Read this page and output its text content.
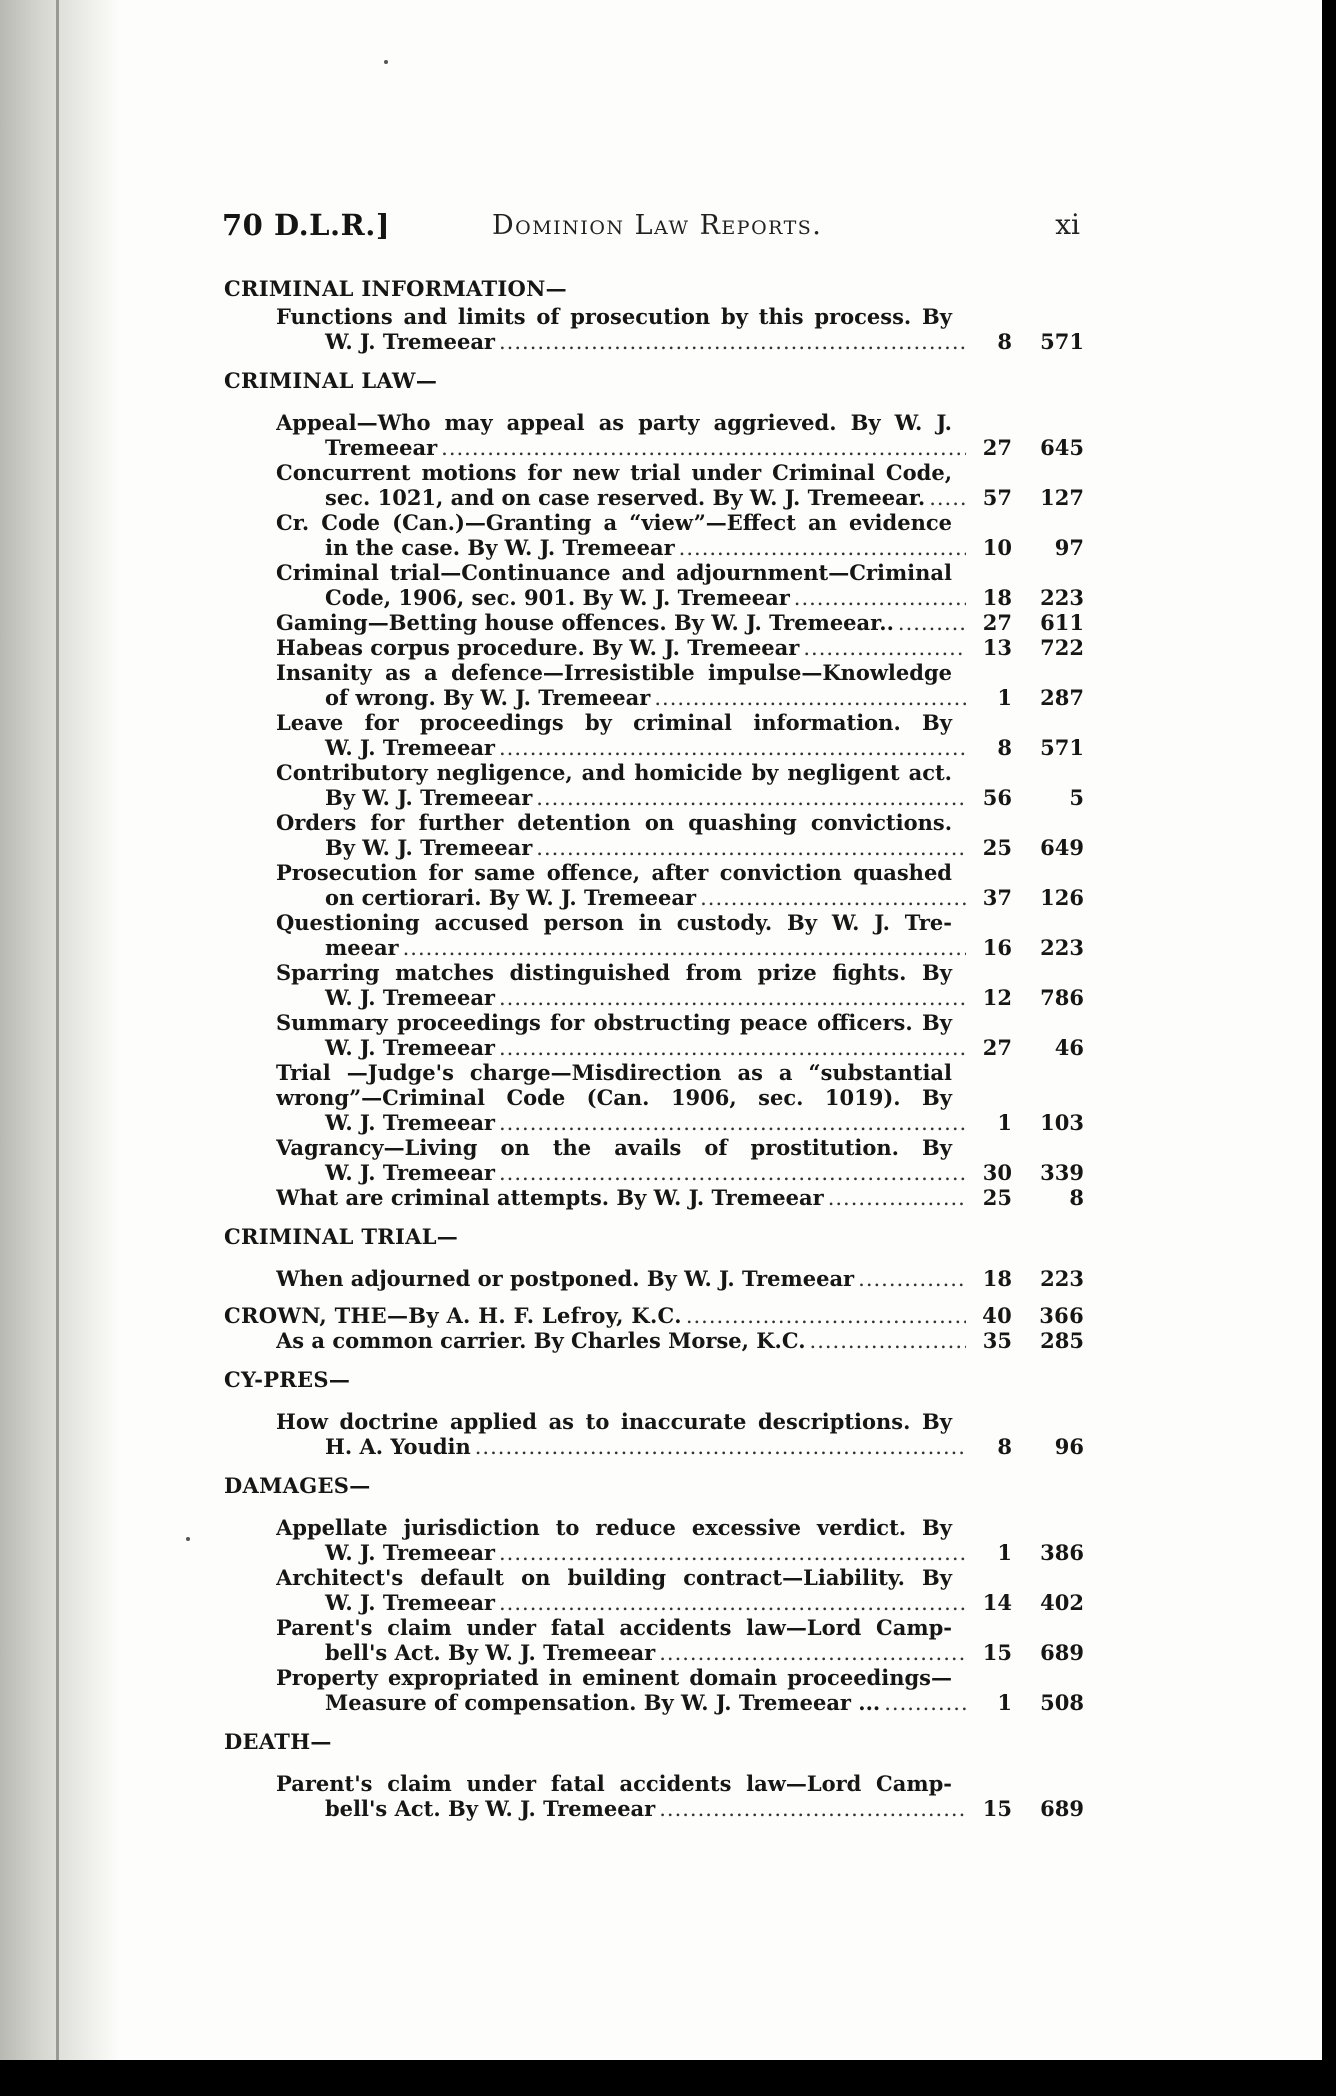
70 D.L.R.]	Dominion Law Reports.	xi
CRIMINAL INFORMATION—
Functions and limits of prosecution by this process. By
W. J. Tremeear .....	8	571
CRIMINAL LAW—
Appeal—Who may appeal as party aggrieved. By W. J.
Tremeear .....	27	645
Concurrent motions for new trial under Criminal Code,
sec. 1021, and on case reserved. By W. J. Tremeear. .....	57	127
Cr. Code (Can.)—Granting a “view”—Effect an evidence
in the case. By W. J. Tremeear .....	10	97
Criminal trial—Continuance and adjournment—Criminal
Code, 1906, sec. 901. By W. J. Tremeear .....	18	223
Gaming—Betting house offences. By W. J. Tremeear.. .....	27	611
Habeas corpus procedure. By W. J. Tremeear .....	13	722
Insanity as a defence—Irresistible impulse—Knowledge
of wrong. By W. J. Tremeear .....	1	287
Leave for proceedings by criminal information. By
W. J. Tremeear .....	8	571
Contributory negligence, and homicide by negligent act.
By W. J. Tremeear .....	56	5
Orders for further detention on quashing convictions.
By W. J. Tremeear .....	25	649
Prosecution for same offence, after conviction quashed
on certiorari. By W. J. Tremeear .....	37	126
Questioning accused person in custody. By W. J. Tre-
meear .....	16	223
Sparring matches distinguished from prize fights. By
W. J. Tremeear .....	12	786
Summary proceedings for obstructing peace officers. By
W. J. Tremeear .....	27	46
Trial —Judge's charge—Misdirection as a “substantial
wrong”—Criminal Code (Can. 1906, sec. 1019). By
W. J. Tremeear .....	1	103
Vagrancy—Living on the avails of prostitution. By
W. J. Tremeear .....	30	339
What are criminal attempts. By W. J. Tremeear .....	25	8
CRIMINAL TRIAL—
When adjourned or postponed. By W. J. Tremeear .....	18	223
CROWN, THE—By A. H. F. Lefroy, K.C. .....	40	366
As a common carrier. By Charles Morse, K.C. .....	35	285
CY-PRES—
How doctrine applied as to inaccurate descriptions. By
H. A. Youdin .....	8	96
DAMAGES—
Appellate jurisdiction to reduce excessive verdict. By
W. J. Tremeear .....	1	386
Architect's default on building contract—Liability. By
W. J. Tremeear .....	14	402
Parent's claim under fatal accidents law—Lord Camp-
bell's Act. By W. J. Tremeear .....	15	689
Property expropriated in eminent domain proceedings—
Measure of compensation. By W. J. Tremeear ... .....	1	508
DEATH—
Parent's claim under fatal accidents law—Lord Camp-
bell's Act. By W. J. Tremeear .....	15	689
